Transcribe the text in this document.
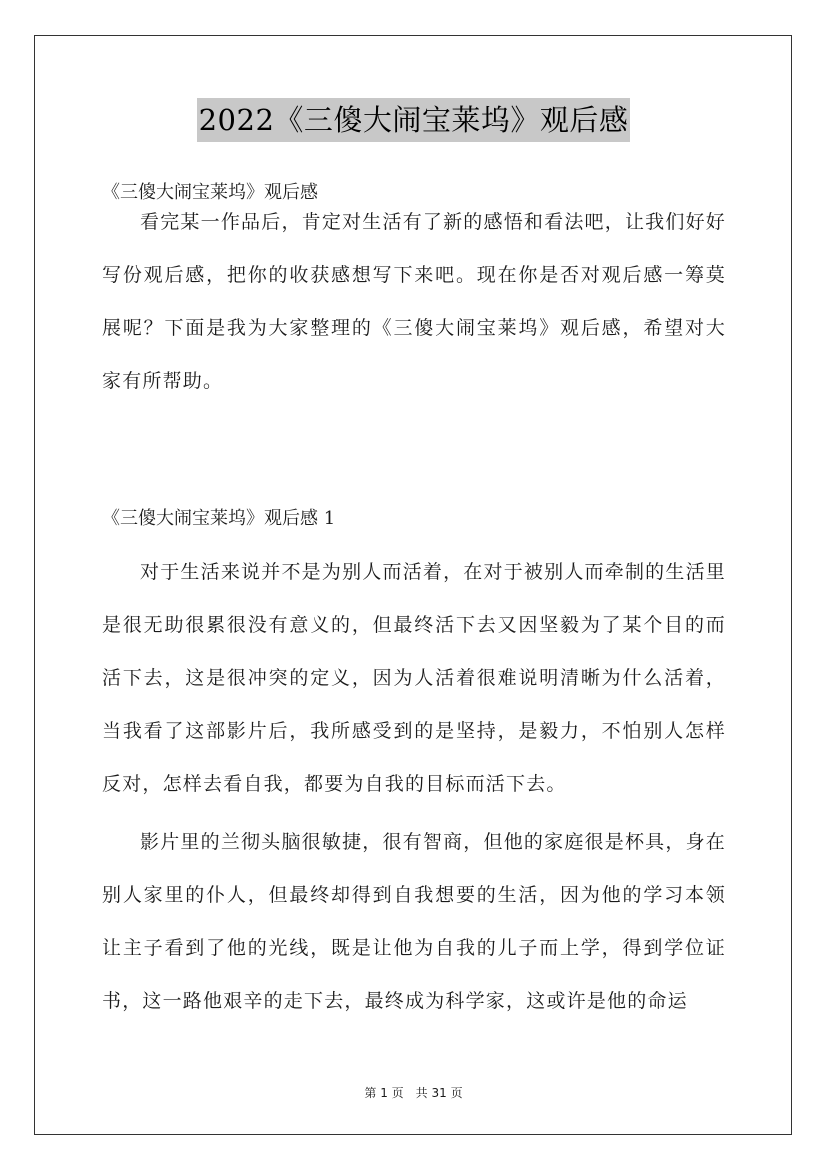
2022《三傻大闹宝莱坞》观后感
《三傻大闹宝莱坞》观后感

看完某一作品后，肯定对生活有了新的感悟和看法吧，让我们好好写份观后感，把你的收获感想写下来吧。现在你是否对观后感一筹莫展呢？下面是我为大家整理的《三傻大闹宝莱坞》观后感，希望对大家有所帮助。

《三傻大闹宝莱坞》观后感 1

对于生活来说并不是为别人而活着，在对于被别人而牵制的生活里是很无助很累很没有意义的，但最终活下去又因坚毅为了某个目的而活下去，这是很冲突的定义，因为人活着很难说明清晰为什么活着，当我看了这部影片后，我所感受到的是坚持，是毅力，不怕别人怎样反对，怎样去看自我，都要为自我的目标而活下去。

影片里的兰彻头脑很敏捷，很有智商，但他的家庭很是杯具，身在别人家里的仆人，但最终却得到自我想要的生活，因为他的学习本领让主子看到了他的光线，既是让他为自我的儿子而上学，得到学位证书，这一路他艰辛的走下去，最终成为科学家，这或许是他的命运

第 1 页　共 31 页
